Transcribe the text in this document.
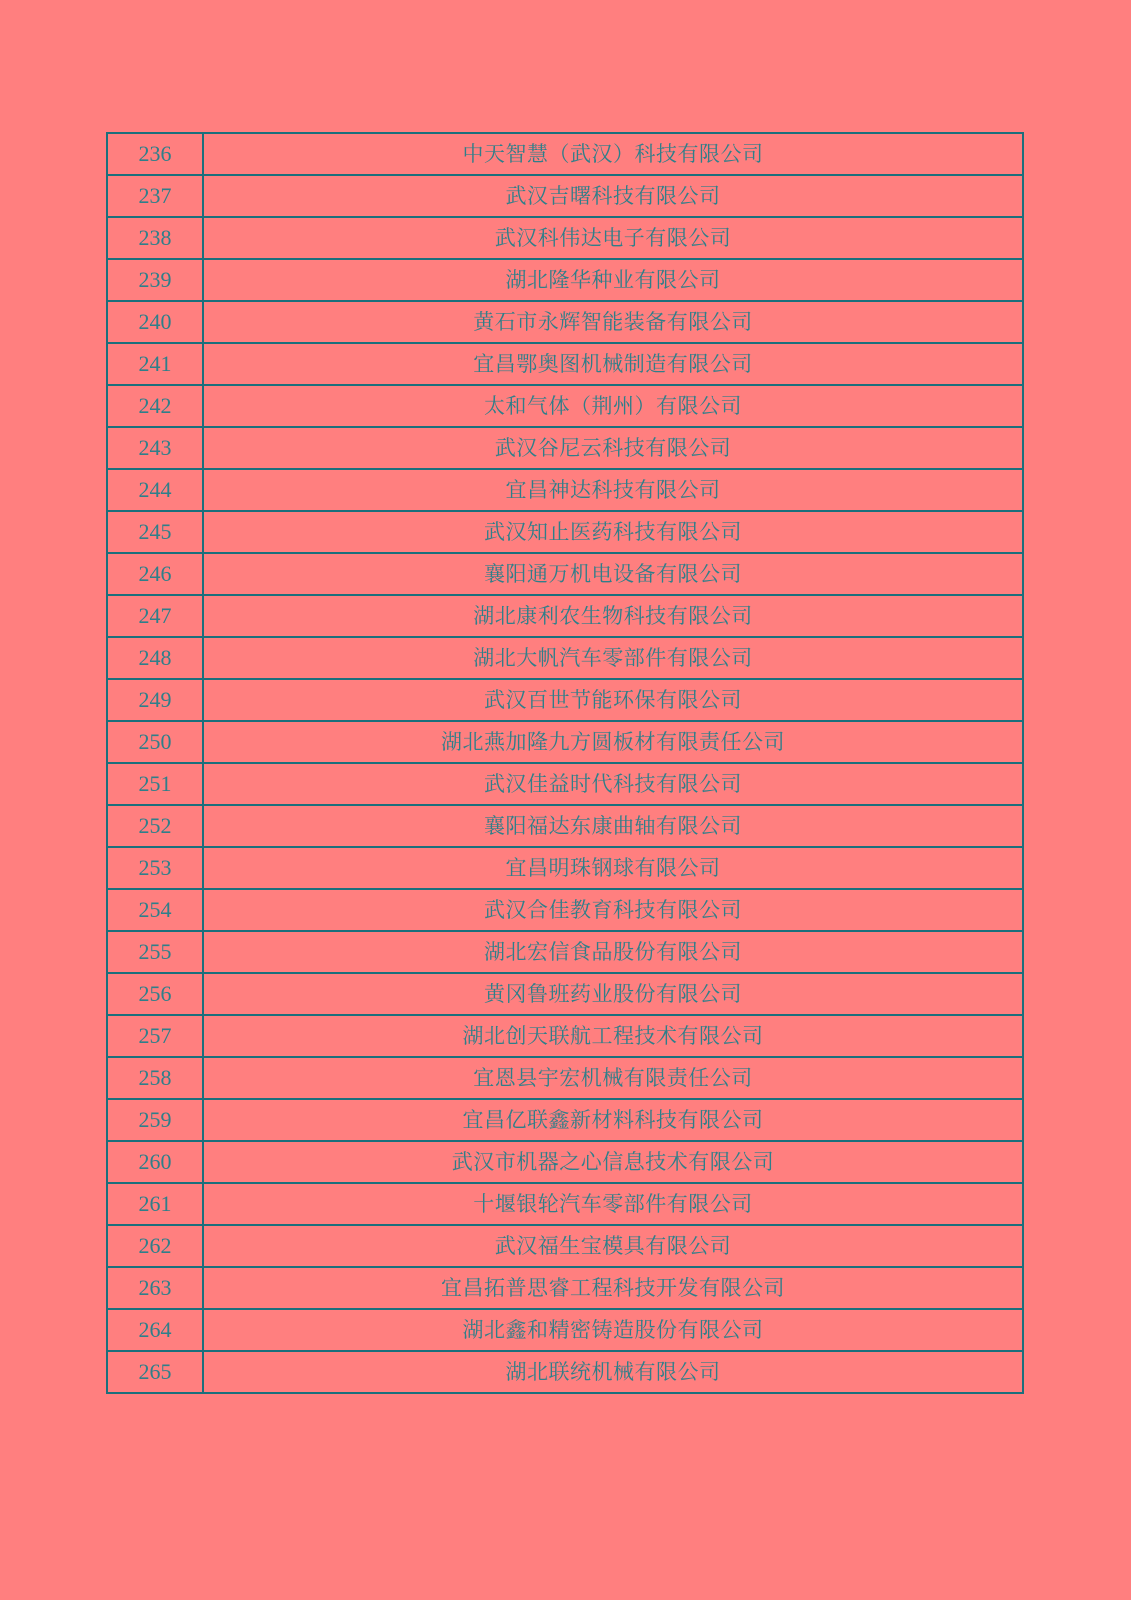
236	中天智慧（武汉）科技有限公司
237	武汉吉曙科技有限公司
238	武汉科伟达电子有限公司
239	湖北隆华种业有限公司
240	黄石市永辉智能装备有限公司
241	宜昌鄂奥图机械制造有限公司
242	太和气体（荆州）有限公司
243	武汉谷尼云科技有限公司
244	宜昌神达科技有限公司
245	武汉知止医药科技有限公司
246	襄阳通万机电设备有限公司
247	湖北康利农生物科技有限公司
248	湖北大帆汽车零部件有限公司
249	武汉百世节能环保有限公司
250	湖北燕加隆九方圆板材有限责任公司
251	武汉佳益时代科技有限公司
252	襄阳福达东康曲轴有限公司
253	宜昌明珠钢球有限公司
254	武汉合佳教育科技有限公司
255	湖北宏信食品股份有限公司
256	黄冈鲁班药业股份有限公司
257	湖北创天联航工程技术有限公司
258	宜恩县宇宏机械有限责任公司
259	宜昌亿联鑫新材料科技有限公司
260	武汉市机器之心信息技术有限公司
261	十堰银轮汽车零部件有限公司
262	武汉福生宝模具有限公司
263	宜昌拓普思睿工程科技开发有限公司
264	湖北鑫和精密铸造股份有限公司
265	湖北联统机械有限公司
